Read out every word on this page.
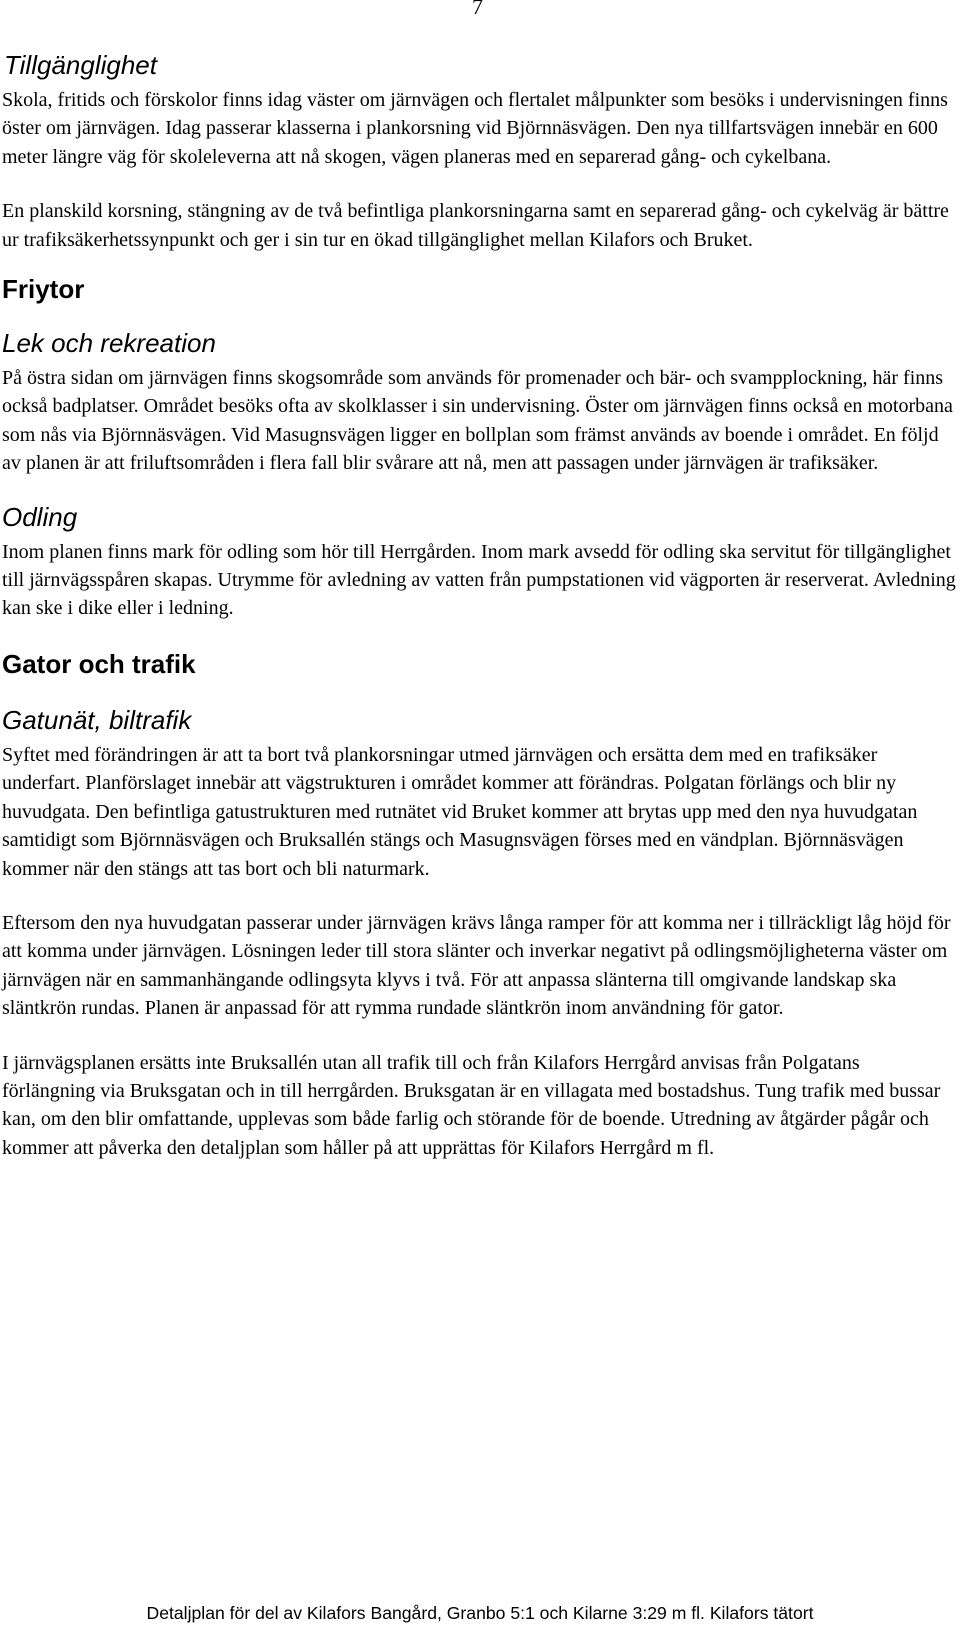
7
Tillgänglighet

Skola, fritids och förskolor finns idag väster om järnvägen och flertalet målpunkter som besöks i undervisningen finns öster om järnvägen. Idag passerar klasserna i plankorsning vid Björnnäsvägen. Den nya tillfartsvägen innebär en 600 meter längre väg för skoleleverna att nå skogen, vägen planeras med en separerad gång- och cykelbana.

En planskild korsning, stängning av de två befintliga plankorsningarna samt en separerad gång- och cykelväg är bättre ur trafiksäkerhetssynpunkt och ger i sin tur en ökad tillgänglighet mellan Kilafors och Bruket.

Friytor
Lek och rekreation

På östra sidan om järnvägen finns skogsområde som används för promenader och bär- och svampplockning, här finns också badplatser. Området besöks ofta av skolklasser i sin undervisning. Öster om järnvägen finns också en motorbana som nås via Björnnäsvägen. Vid Masugnsvägen ligger en bollplan som främst används av boende i området. En följd av planen är att friluftsområden i flera fall blir svårare att nå, men att passagen under järnvägen är trafiksäker.

Odling

Inom planen finns mark för odling som hör till Herrgården. Inom mark avsedd för odling ska servitut för tillgänglighet till järnvägsspåren skapas. Utrymme för avledning av vatten från pumpstationen vid vägporten är reserverat. Avledning kan ske i dike eller i ledning.

Gator och trafik
Gatunät, biltrafik

Syftet med förändringen är att ta bort två plankorsningar utmed järnvägen och ersätta dem med en trafiksäker underfart. Planförslaget innebär att vägstrukturen i området kommer att förändras. Polgatan förlängs och blir ny huvudgata. Den befintliga gatustrukturen med rutnätet vid Bruket kommer att brytas upp med den nya huvudgatan samtidigt som Björnnäsvägen och Bruksallén stängs och Masugnsvägen förses med en vändplan. Björnnäsvägen kommer när den stängs att tas bort och bli naturmark.

Eftersom den nya huvudgatan passerar under järnvägen krävs långa ramper för att komma ner i tillräckligt låg höjd för att komma under järnvägen. Lösningen leder till stora slänter och inverkar negativt på odlingsmöjligheterna väster om järnvägen när en sammanhängande odlingsyta klyvs i två. För att anpassa slänterna till omgivande landskap ska släntkrön rundas. Planen är anpassad för att rymma rundade släntkrön inom användning för gator.

I järnvägsplanen ersätts inte Bruksallén utan all trafik till och från Kilafors Herrgård anvisas från Polgatans förlängning via Bruksgatan och in till herrgården. Bruksgatan är en villagata med bostadshus. Tung trafik med bussar kan, om den blir omfattande, upplevas som både farlig och störande för de boende. Utredning av åtgärder pågår och kommer att påverka den detaljplan som håller på att upprättas för Kilafors Herrgård m fl.

Detaljplan för del av Kilafors Bangård, Granbo 5:1 och Kilarne 3:29 m fl. Kilafors tätort
